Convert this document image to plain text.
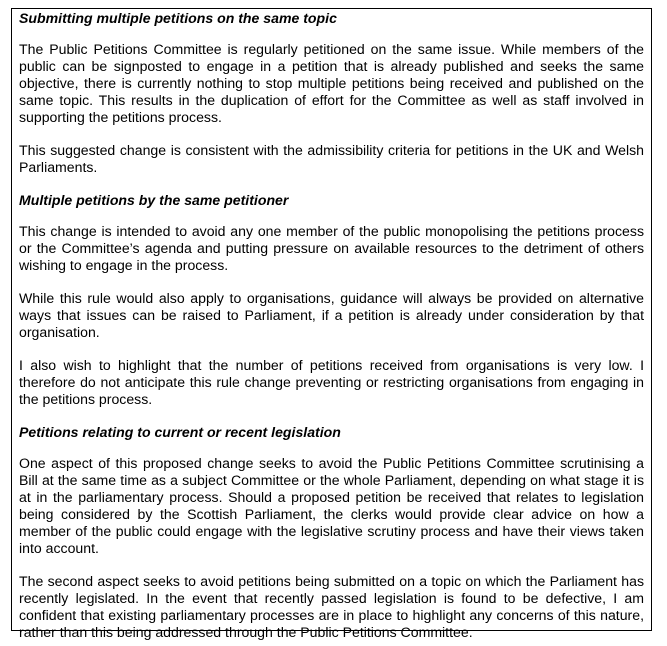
Submitting multiple petitions on the same topic

The Public Petitions Committee is regularly petitioned on the same issue. While members of the public can be signposted to engage in a petition that is already published and seeks the same objective, there is currently nothing to stop multiple petitions being received and published on the same topic. This results in the duplication of effort for the Committee as well as staff involved in supporting the petitions process.

This suggested change is consistent with the admissibility criteria for petitions in the UK and Welsh Parliaments.

Multiple petitions by the same petitioner

This change is intended to avoid any one member of the public monopolising the petitions process or the Committee’s agenda and putting pressure on available resources to the detriment of others wishing to engage in the process.

While this rule would also apply to organisations, guidance will always be provided on alternative ways that issues can be raised to Parliament, if a petition is already under consideration by that organisation.

I also wish to highlight that the number of petitions received from organisations is very low. I therefore do not anticipate this rule change preventing or restricting organisations from engaging in the petitions process.

Petitions relating to current or recent legislation

One aspect of this proposed change seeks to avoid the Public Petitions Committee scrutinising a Bill at the same time as a subject Committee or the whole Parliament, depending on what stage it is at in the parliamentary process. Should a proposed petition be received that relates to legislation being considered by the Scottish Parliament, the clerks would provide clear advice on how a member of the public could engage with the legislative scrutiny process and have their views taken into account.

The second aspect seeks to avoid petitions being submitted on a topic on which the Parliament has recently legislated. In the event that recently passed legislation is found to be defective, I am confident that existing parliamentary processes are in place to highlight any concerns of this nature, rather than this being addressed through the Public Petitions Committee.
